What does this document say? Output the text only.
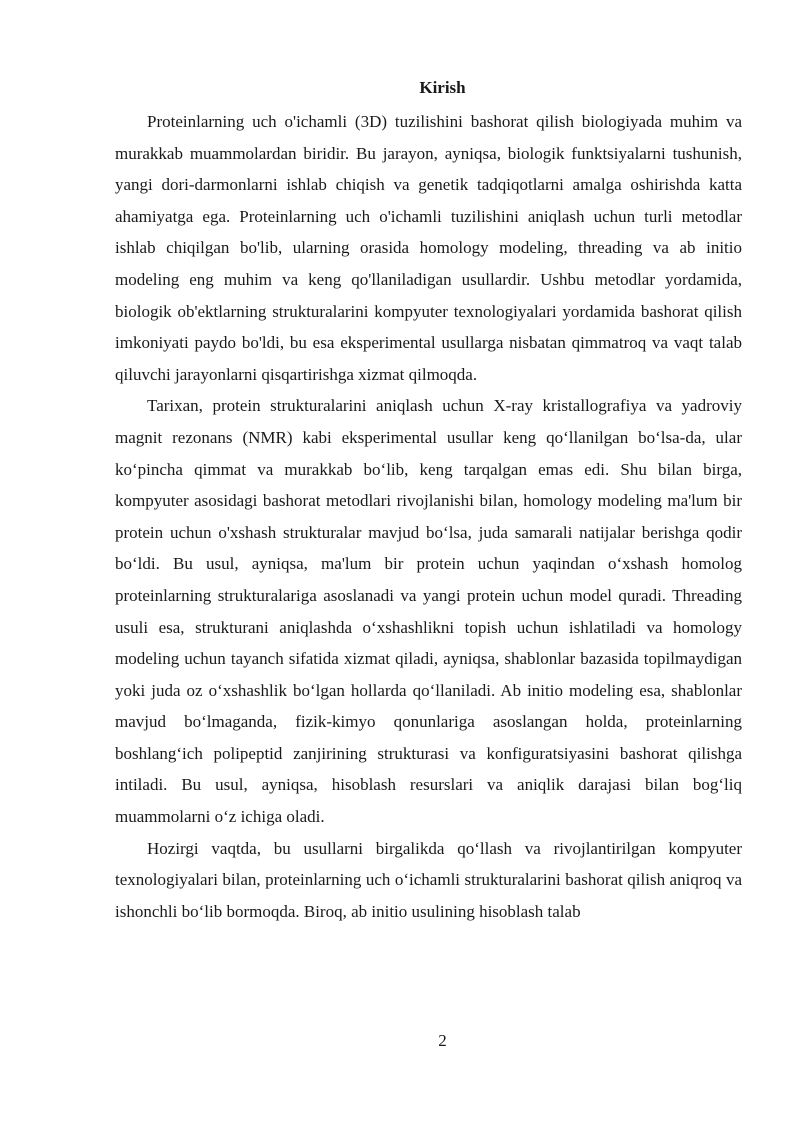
Kirish

Proteinlarning uch o'ichamli (3D) tuzilishini bashorat qilish biologiyada muhim va murakkab muammolardan biridir. Bu jarayon, ayniqsa, biologik funktsiyalarni tushunish, yangi dori-darmonlarni ishlab chiqish va genetik tadqiqotlarni amalga oshirishda katta ahamiyatga ega. Proteinlarning uch o'ichamli tuzilishini aniqlash uchun turli metodlar ishlab chiqilgan bo'lib, ularning orasida homology modeling, threading va ab initio modeling eng muhim va keng qo'llaniladigan usullardir. Ushbu metodlar yordamida, biologik ob'ektlarning strukturalarini kompyuter texnologiyalari yordamida bashorat qilish imkoniyati paydo bo'ldi, bu esa eksperimental usullarga nisbatan qimmatroq va vaqt talab qiluvchi jarayonlarni qisqartirishga xizmat qilmoqda.

Tarixan, protein strukturalarini aniqlash uchun X-ray kristallografiya va yadroviy magnit rezonans (NMR) kabi eksperimental usullar keng qo‘llanilgan bo‘lsa-da, ular ko‘pincha qimmat va murakkab bo‘lib, keng tarqalgan emas edi. Shu bilan birga, kompyuter asosidagi bashorat metodlari rivojlanishi bilan, homology modeling ma'lum bir protein uchun o'xshash strukturalar mavjud bo‘lsa, juda samarali natijalar berishga qodir bo‘ldi. Bu usul, ayniqsa, ma'lum bir protein uchun yaqindan o‘xshash homolog proteinlarning strukturalariga asoslanadi va yangi protein uchun model quradi. Threading usuli esa, strukturani aniqlashda o‘xshashlikni topish uchun ishlatiladi va homology modeling uchun tayanch sifatida xizmat qiladi, ayniqsa, shablonlar bazasida topilmaydigan yoki juda oz o‘xshashlik bo‘lgan hollarda qo‘llaniladi. Ab initio modeling esa, shablonlar mavjud bo‘lmaganda, fizik-kimyo qonunlariga asoslangan holda, proteinlarning boshlang‘ich polipeptid zanjirining strukturasi va konfiguratsiyasini bashorat qilishga intiladi. Bu usul, ayniqsa, hisoblash resurslari va aniqlik darajasi bilan bog‘liq muammolarni o‘z ichiga oladi.

Hozirgi vaqtda, bu usullarni birgalikda qo‘llash va rivojlantirilgan kompyuter texnologiyalari bilan, proteinlarning uch o‘ichamli strukturalarini bashorat qilish aniqroq va ishonchli bo‘lib bormoqda. Biroq, ab initio usulining hisoblash talab

2
